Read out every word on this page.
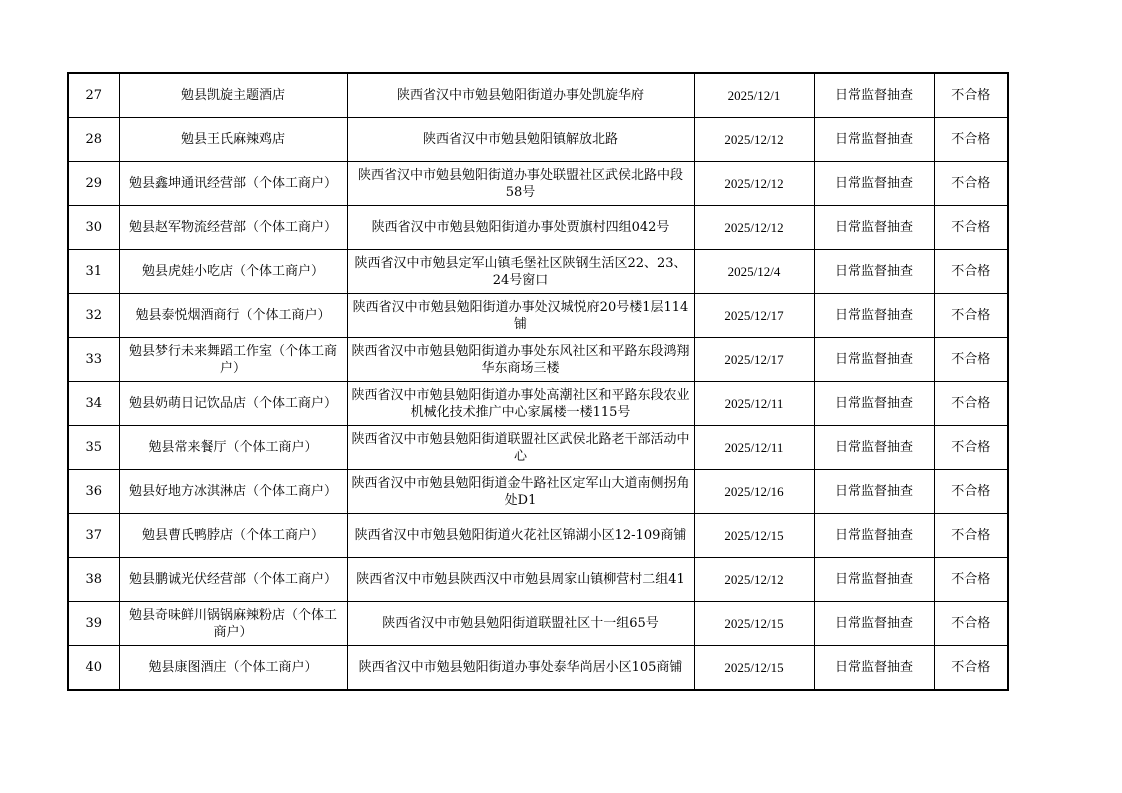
27	勉县凯旋主题酒店	陕西省汉中市勉县勉阳街道办事处凯旋华府	2025/12/1	日常监督抽查	不合格
28	勉县王氏麻辣鸡店	陕西省汉中市勉县勉阳镇解放北路	2025/12/12	日常监督抽查	不合格
29	勉县鑫坤通讯经营部（个体工商户）	陕西省汉中市勉县勉阳街道办事处联盟社区武侯北路中段58号	2025/12/12	日常监督抽查	不合格
30	勉县赵军物流经营部（个体工商户）	陕西省汉中市勉县勉阳街道办事处贾旗村四组042号	2025/12/12	日常监督抽查	不合格
31	勉县虎娃小吃店（个体工商户）	陕西省汉中市勉县定军山镇毛堡社区陕钢生活区22、23、24号窗口	2025/12/4	日常监督抽查	不合格
32	勉县泰悦烟酒商行（个体工商户）	陕西省汉中市勉县勉阳街道办事处汉城悦府20号楼1层114铺	2025/12/17	日常监督抽查	不合格
33	勉县梦行未来舞蹈工作室（个体工商户）	陕西省汉中市勉县勉阳街道办事处东风社区和平路东段鸿翔华东商场三楼	2025/12/17	日常监督抽查	不合格
34	勉县奶萌日记饮品店（个体工商户）	陕西省汉中市勉县勉阳街道办事处高潮社区和平路东段农业机械化技术推广中心家属楼一楼115号	2025/12/11	日常监督抽查	不合格
35	勉县常来餐厅（个体工商户）	陕西省汉中市勉县勉阳街道联盟社区武侯北路老干部活动中心	2025/12/11	日常监督抽查	不合格
36	勉县好地方冰淇淋店（个体工商户）	陕西省汉中市勉县勉阳街道金牛路社区定军山大道南侧拐角处D1	2025/12/16	日常监督抽查	不合格
37	勉县曹氏鸭脖店（个体工商户）	陕西省汉中市勉县勉阳街道火花社区锦湖小区12-109商铺	2025/12/15	日常监督抽查	不合格
38	勉县鹏诚光伏经营部（个体工商户）	陕西省汉中市勉县陕西汉中市勉县周家山镇柳营村二组41	2025/12/12	日常监督抽查	不合格
39	勉县奇味鲜川锅锅麻辣粉店（个体工商户）	陕西省汉中市勉县勉阳街道联盟社区十一组65号	2025/12/15	日常监督抽查	不合格
40	勉县康图酒庄（个体工商户）	陕西省汉中市勉县勉阳街道办事处泰华尚居小区105商铺	2025/12/15	日常监督抽查	不合格
